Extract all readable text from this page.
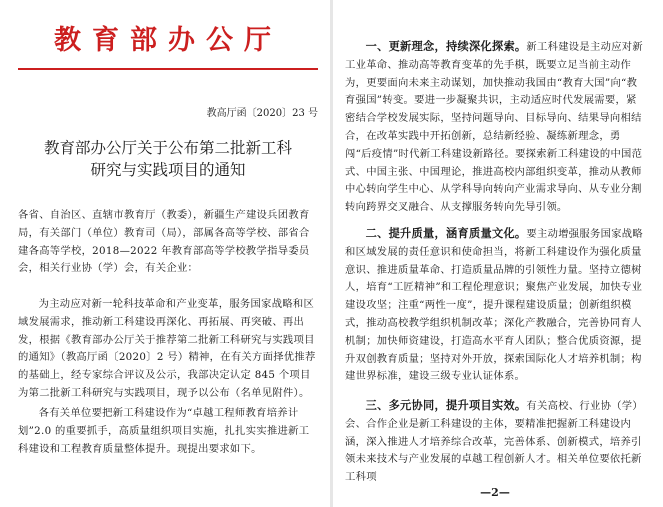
教育部办公厅
教高厅函〔2020〕23 号
教育部办公厅关于公布第二批新工科
研究与实践项目的通知

各省、自治区、直辖市教育厅（教委），新疆生产建设兵团教育局，有关部门（单位）教育司（局），部属各高等学校、部省合建各高等学校，2018—2022 年教育部高等学校教学指导委员会，相关行业协（学）会，有关企业：

为主动应对新一轮科技革命和产业变革，服务国家战略和区域发展需求，推动新工科建设再深化、再拓展、再突破、再出发，根据《教育部办公厅关于推荐第二批新工科研究与实践项目的通知》（教高厅函〔2020〕2 号）精神，在有关方面择优推荐的基础上，经专家综合评议及公示，我部决定认定 845 个项目为第二批新工科研究与实践项目，现予以公布（名单见附件）。

各有关单位要把新工科建设作为“卓越工程师教育培养计划”2.0 的重要抓手，高质量组织项目实施，扎扎实实推进新工科建设和工程教育质量整体提升。现提出要求如下。

一、更新理念，持续深化探索。新工科建设是主动应对新工业革命、推动高等教育变革的先手棋，既要立足当前主动作为，更要面向未来主动谋划，加快推动我国由“教育大国”向“教育强国”转变。要进一步凝聚共识，主动适应时代发展需要，紧密结合学校发展实际，坚持问题导向、目标导向、结果导向相结合，在改革实践中开拓创新，总结新经验、凝练新理念，勇闯“后疫情”时代新工科建设新路径。要探索新工科建设的中国范式、中国主张、中国理论，推进高校内部组织变革，推动从教师中心转向学生中心、从学科导向转向产业需求导向、从专业分割转向跨界交叉融合、从支撑服务转向先导引领。

二、提升质量，涵育质量文化。要主动增强服务国家战略和区域发展的责任意识和使命担当，将新工科建设作为强化质量意识、推进质量革命、打造质量品牌的引领性力量。坚持立德树人，培育“工匠精神”和工程伦理意识；聚焦产业发展，加快专业建设攻坚；注重“两性一度”，提升课程建设质量；创新组织模式，推动高校教学组织机制改革；深化产教融合，完善协同育人机制；加快师资建设，打造高水平育人团队；整合优质资源，提升双创教育质量；坚持对外开放，探索国际化人才培养机制；构建世界标准，建设三级专业认证体系。

三、多元协同，提升项目实效。有关高校、行业协（学）会、合作企业是新工科建设的主体，要精准把握新工科建设内涵，深入推进人才培养综合改革，完善体系、创新模式，培养引领未来技术与产业发展的卓越工程创新人才。相关单位要依托新工科项

—2—
